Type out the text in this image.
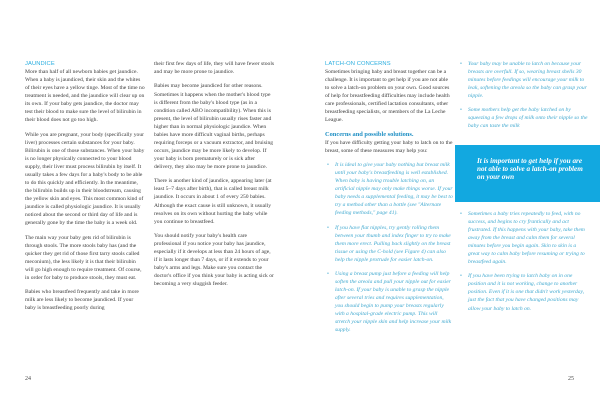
JAUNDICE

More than half of all newborn babies get jaundice. When a baby is jaundiced, their skin and the whites of their eyes have a yellow tinge. Most of the time no treatment is needed, and the jaundice will clear up on its own. If your baby gets jaundice, the doctor may test their blood to make sure the level of bilirubin in their blood does not go too high.

While you are pregnant, your body (specifically your liver) processes certain substances for your baby. Bilirubin is one of those substances. When your baby is no longer physically connected to your blood supply, their liver must process bilirubin by itself. It usually takes a few days for a baby's body to be able to do this quickly and efficiently. In the meantime, the bilirubin builds up in their bloodstream, causing the yellow skin and eyes. This most common kind of jaundice is called physiologic jaundice. It is usually noticed about the second or third day of life and is generally gone by the time the baby is a week old.

The main way your baby gets rid of bilirubin is through stools. The more stools baby has (and the quicker they get rid of those first tarry stools called meconium), the less likely it is that their bilirubin will go high enough to require treatment. Of course, in order for baby to produce stools, they must eat.

Babies who breastfeed frequently and take in more milk are less likely to become jaundiced. If your baby is breastfeeding poorly during

their first few days of life, they will have fewer stools and may be more prone to jaundice.

Babies may become jaundiced for other reasons. Sometimes it happens when the mother's blood type is different from the baby's blood type (as in a condition called ABO incompatibility). When this is present, the level of bilirubin usually rises faster and higher than in normal physiologic jaundice. When babies have more difficult vaginal births, perhaps requiring forceps or a vacuum extractor, and bruising occurs, jaundice may be more likely to develop. If your baby is born prematurely or is sick after delivery, they also may be more prone to jaundice.

There is another kind of jaundice, appearing later (at least 5–7 days after birth), that is called breast milk jaundice. It occurs in about 1 of every 250 babies. Although the exact cause is still unknown, it usually resolves on its own without hurting the baby while you continue to breastfeed.

You should notify your baby's health care professional if you notice your baby has jaundice, especially if it develops at less than 24 hours of age, if it lasts longer than 7 days, or if it extends to your baby's arms and legs. Make sure you contact the doctor's office if you think your baby is acting sick or becoming a very sluggish feeder.

24
LATCH-ON CONCERNS

Sometimes bringing baby and breast together can be a challenge. It is important to get help if you are not able to solve a latch-on problem on your own. Good sources of help for breastfeeding difficulties may include health care professionals, certified lactation consultants, other breastfeeding specialists, or members of the La Leche League.

Concerns and possible solutions.

If you have difficulty getting your baby to latch on to the breast, some of these measures may help you:

• It is ideal to give your baby nothing but breast milk until your baby's breastfeeding is well established. When baby is having trouble latching on, an artificial nipple may only make things worse. If your baby needs a supplemental feeding, it may be best to try a method other than a bottle (see "Alternate feeding methods," page 41).
• If you have flat nipples, try gently rolling them between your thumb and index finger to try to make them more erect. Pulling back slightly on the breast tissue or using the C-hold (see Figure 4) can also help the nipple protrude for easier latch-on.
• Using a breast pump just before a feeding will help soften the areola and pull your nipple out for easier latch-on. If your baby is unable to grasp the nipple after several tries and requires supplementation, you should begin to pump your breasts regularly with a hospital-grade electric pump. This will stretch your nipple skin and help increase your milk supply.
• Your baby may be unable to latch on because your breasts are overfull. If so, wearing breast shells 30 minutes before feedings will encourage your milk to leak, softening the areola so the baby can grasp your nipple.
• Some mothers help get the baby latched on by squeezing a few drops of milk onto their nipple so the baby can taste the milk
• Sometimes a baby tries repeatedly to feed, with no success, and begins to cry frantically and act frustrated. If this happens with your baby, take them away from the breast and calm them for several minutes before you begin again. Skin to skin is a great way to calm baby before resuming or trying to breastfeed again.
• If you have been trying to latch baby on in one position and it is not working, change to another position. Even if it is one that didn't work yesterday, just the fact that you have changed positions may allow your baby to latch on.
It is important to get help if you are not able to solve a latch-on problem on your own
25
